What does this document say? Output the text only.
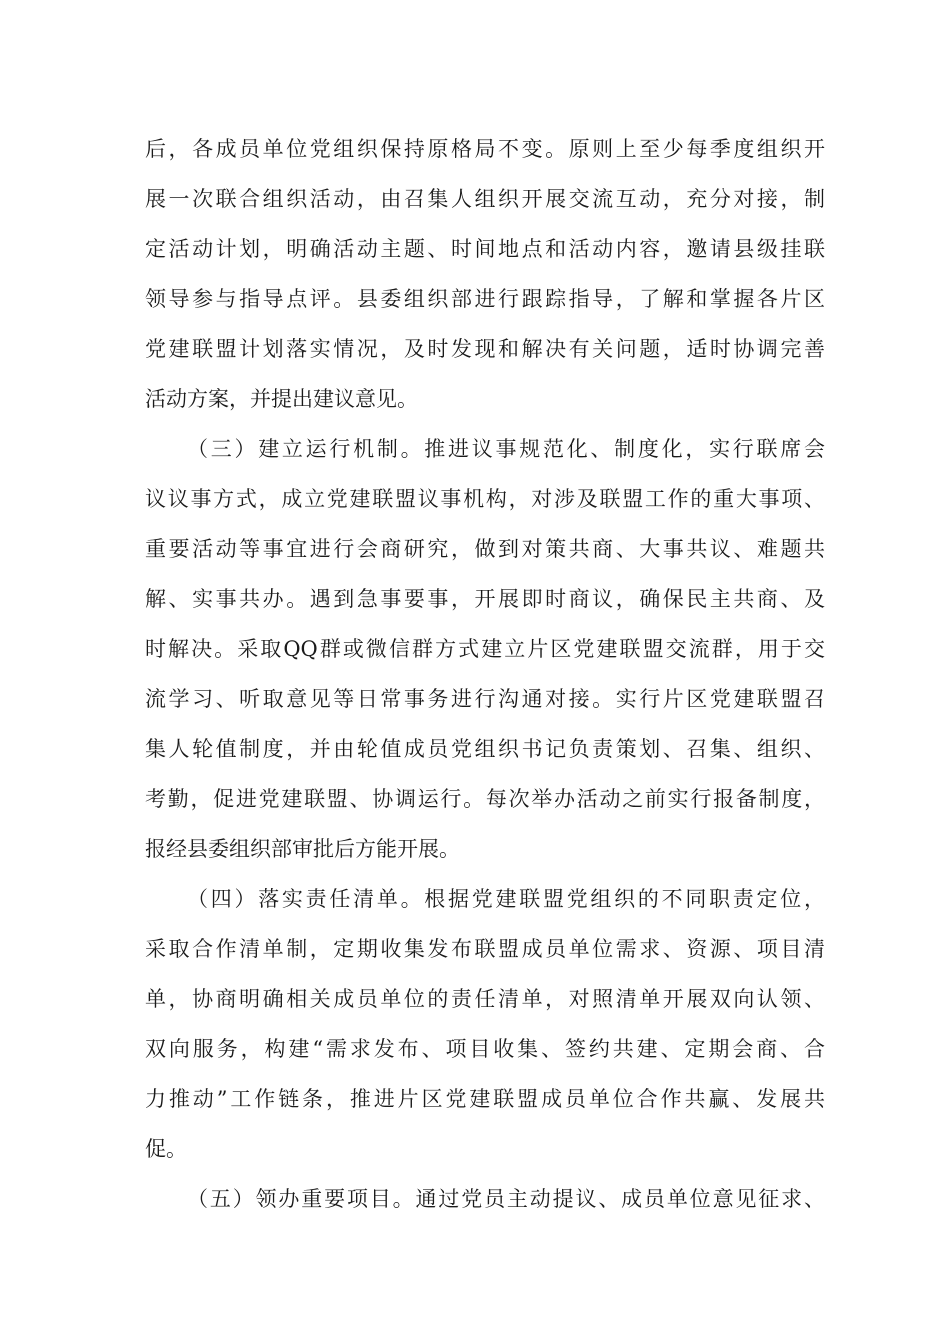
后，各成员单位党组织保持原格局不变。原则上至少每季度组织开
展一次联合组织活动，由召集人组织开展交流互动，充分对接，制
定活动计划，明确活动主题、时间地点和活动内容，邀请县级挂联
领导参与指导点评。县委组织部进行跟踪指导，了解和掌握各片区
党建联盟计划落实情况，及时发现和解决有关问题，适时协调完善
活动方案，并提出建议意见。
（三）建立运行机制。推进议事规范化、制度化，实行联席会
议议事方式，成立党建联盟议事机构，对涉及联盟工作的重大事项、
重要活动等事宜进行会商研究，做到对策共商、大事共议、难题共
解、实事共办。遇到急事要事，开展即时商议，确保民主共商、及
时解决。采取QQ群或微信群方式建立片区党建联盟交流群，用于交
流学习、听取意见等日常事务进行沟通对接。实行片区党建联盟召
集人轮值制度，并由轮值成员党组织书记负责策划、召集、组织、
考勤，促进党建联盟、协调运行。每次举办活动之前实行报备制度，
报经县委组织部审批后方能开展。
（四）落实责任清单。根据党建联盟党组织的不同职责定位，
采取合作清单制，定期收集发布联盟成员单位需求、资源、项目清
单，协商明确相关成员单位的责任清单，对照清单开展双向认领、
双向服务，构建“需求发布、项目收集、签约共建、定期会商、合
力推动”工作链条，推进片区党建联盟成员单位合作共赢、发展共
促。
（五）领办重要项目。通过党员主动提议、成员单位意见征求、
